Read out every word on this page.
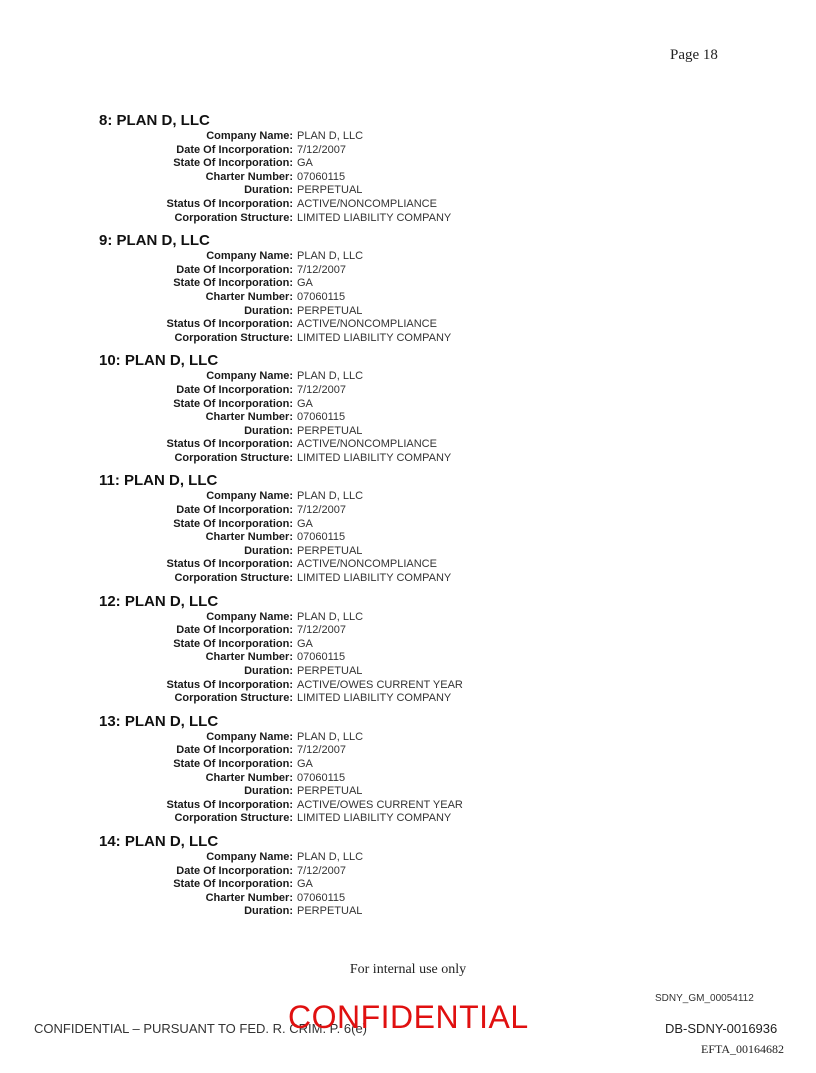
Page 18
8: PLAN D, LLC
Company Name: PLAN D, LLC
Date Of Incorporation: 7/12/2007
State Of Incorporation: GA
Charter Number: 07060115
Duration: PERPETUAL
Status Of Incorporation: ACTIVE/NONCOMPLIANCE
Corporation Structure: LIMITED LIABILITY COMPANY
9: PLAN D, LLC
Company Name: PLAN D, LLC
Date Of Incorporation: 7/12/2007
State Of Incorporation: GA
Charter Number: 07060115
Duration: PERPETUAL
Status Of Incorporation: ACTIVE/NONCOMPLIANCE
Corporation Structure: LIMITED LIABILITY COMPANY
10: PLAN D, LLC
Company Name: PLAN D, LLC
Date Of Incorporation: 7/12/2007
State Of Incorporation: GA
Charter Number: 07060115
Duration: PERPETUAL
Status Of Incorporation: ACTIVE/NONCOMPLIANCE
Corporation Structure: LIMITED LIABILITY COMPANY
11: PLAN D, LLC
Company Name: PLAN D, LLC
Date Of Incorporation: 7/12/2007
State Of Incorporation: GA
Charter Number: 07060115
Duration: PERPETUAL
Status Of Incorporation: ACTIVE/NONCOMPLIANCE
Corporation Structure: LIMITED LIABILITY COMPANY
12: PLAN D, LLC
Company Name: PLAN D, LLC
Date Of Incorporation: 7/12/2007
State Of Incorporation: GA
Charter Number: 07060115
Duration: PERPETUAL
Status Of Incorporation: ACTIVE/OWES CURRENT YEAR
Corporation Structure: LIMITED LIABILITY COMPANY
13: PLAN D, LLC
Company Name: PLAN D, LLC
Date Of Incorporation: 7/12/2007
State Of Incorporation: GA
Charter Number: 07060115
Duration: PERPETUAL
Status Of Incorporation: ACTIVE/OWES CURRENT YEAR
Corporation Structure: LIMITED LIABILITY COMPANY
14: PLAN D, LLC
Company Name: PLAN D, LLC
Date Of Incorporation: 7/12/2007
State Of Incorporation: GA
Charter Number: 07060115
Duration: PERPETUAL
For internal use only
SDNY_GM_00054112
CONFIDENTIAL – PURSUANT TO FED. R. CRIM. P. 6(e)
CONFIDENTIAL	DB-SDNY-0016936
EFTA_00164682
